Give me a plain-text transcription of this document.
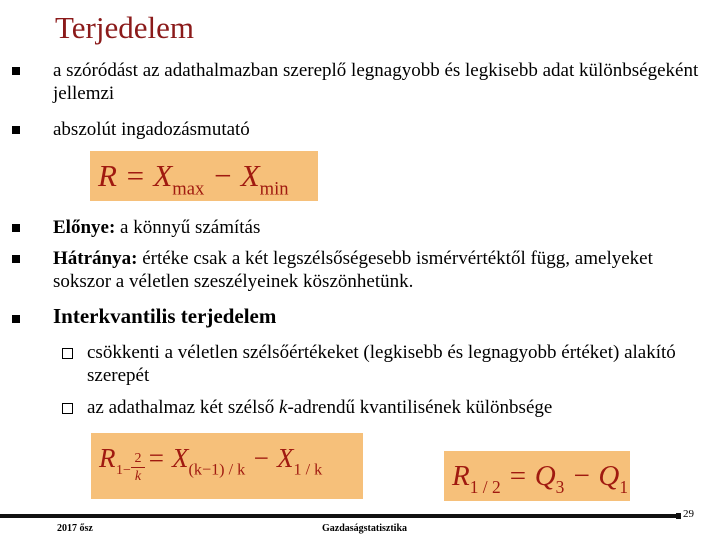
Terjedelem
a szóródást az adathalmazban szereplő legnagyobb és legkisebb adat különbségeként jellemzi
abszolút ingadozásmutató
$R = X_{max} - X_{min}$
Előnye: a könnyű számítás
Hátránya: értéke csak a két legszélsőségesebb ismérvértéktől függ, amelyeket sokszor a véletlen szeszélyeinek köszönhetünk.
Interkvantilis terjedelem
csökkenti a véletlen szélsőértékeket (legkisebb és legnagyobb értéket) alakító szerepét
az adathalmaz két szélső k-adrendű kvantilisének különbsége
R 1−
2
k
= $X_{(k-1) / k} - X_{1 / k}$	$R_{1 / 2} = Q_3 - Q_1$
29
2017 ősz	Gazdaságstatisztika
